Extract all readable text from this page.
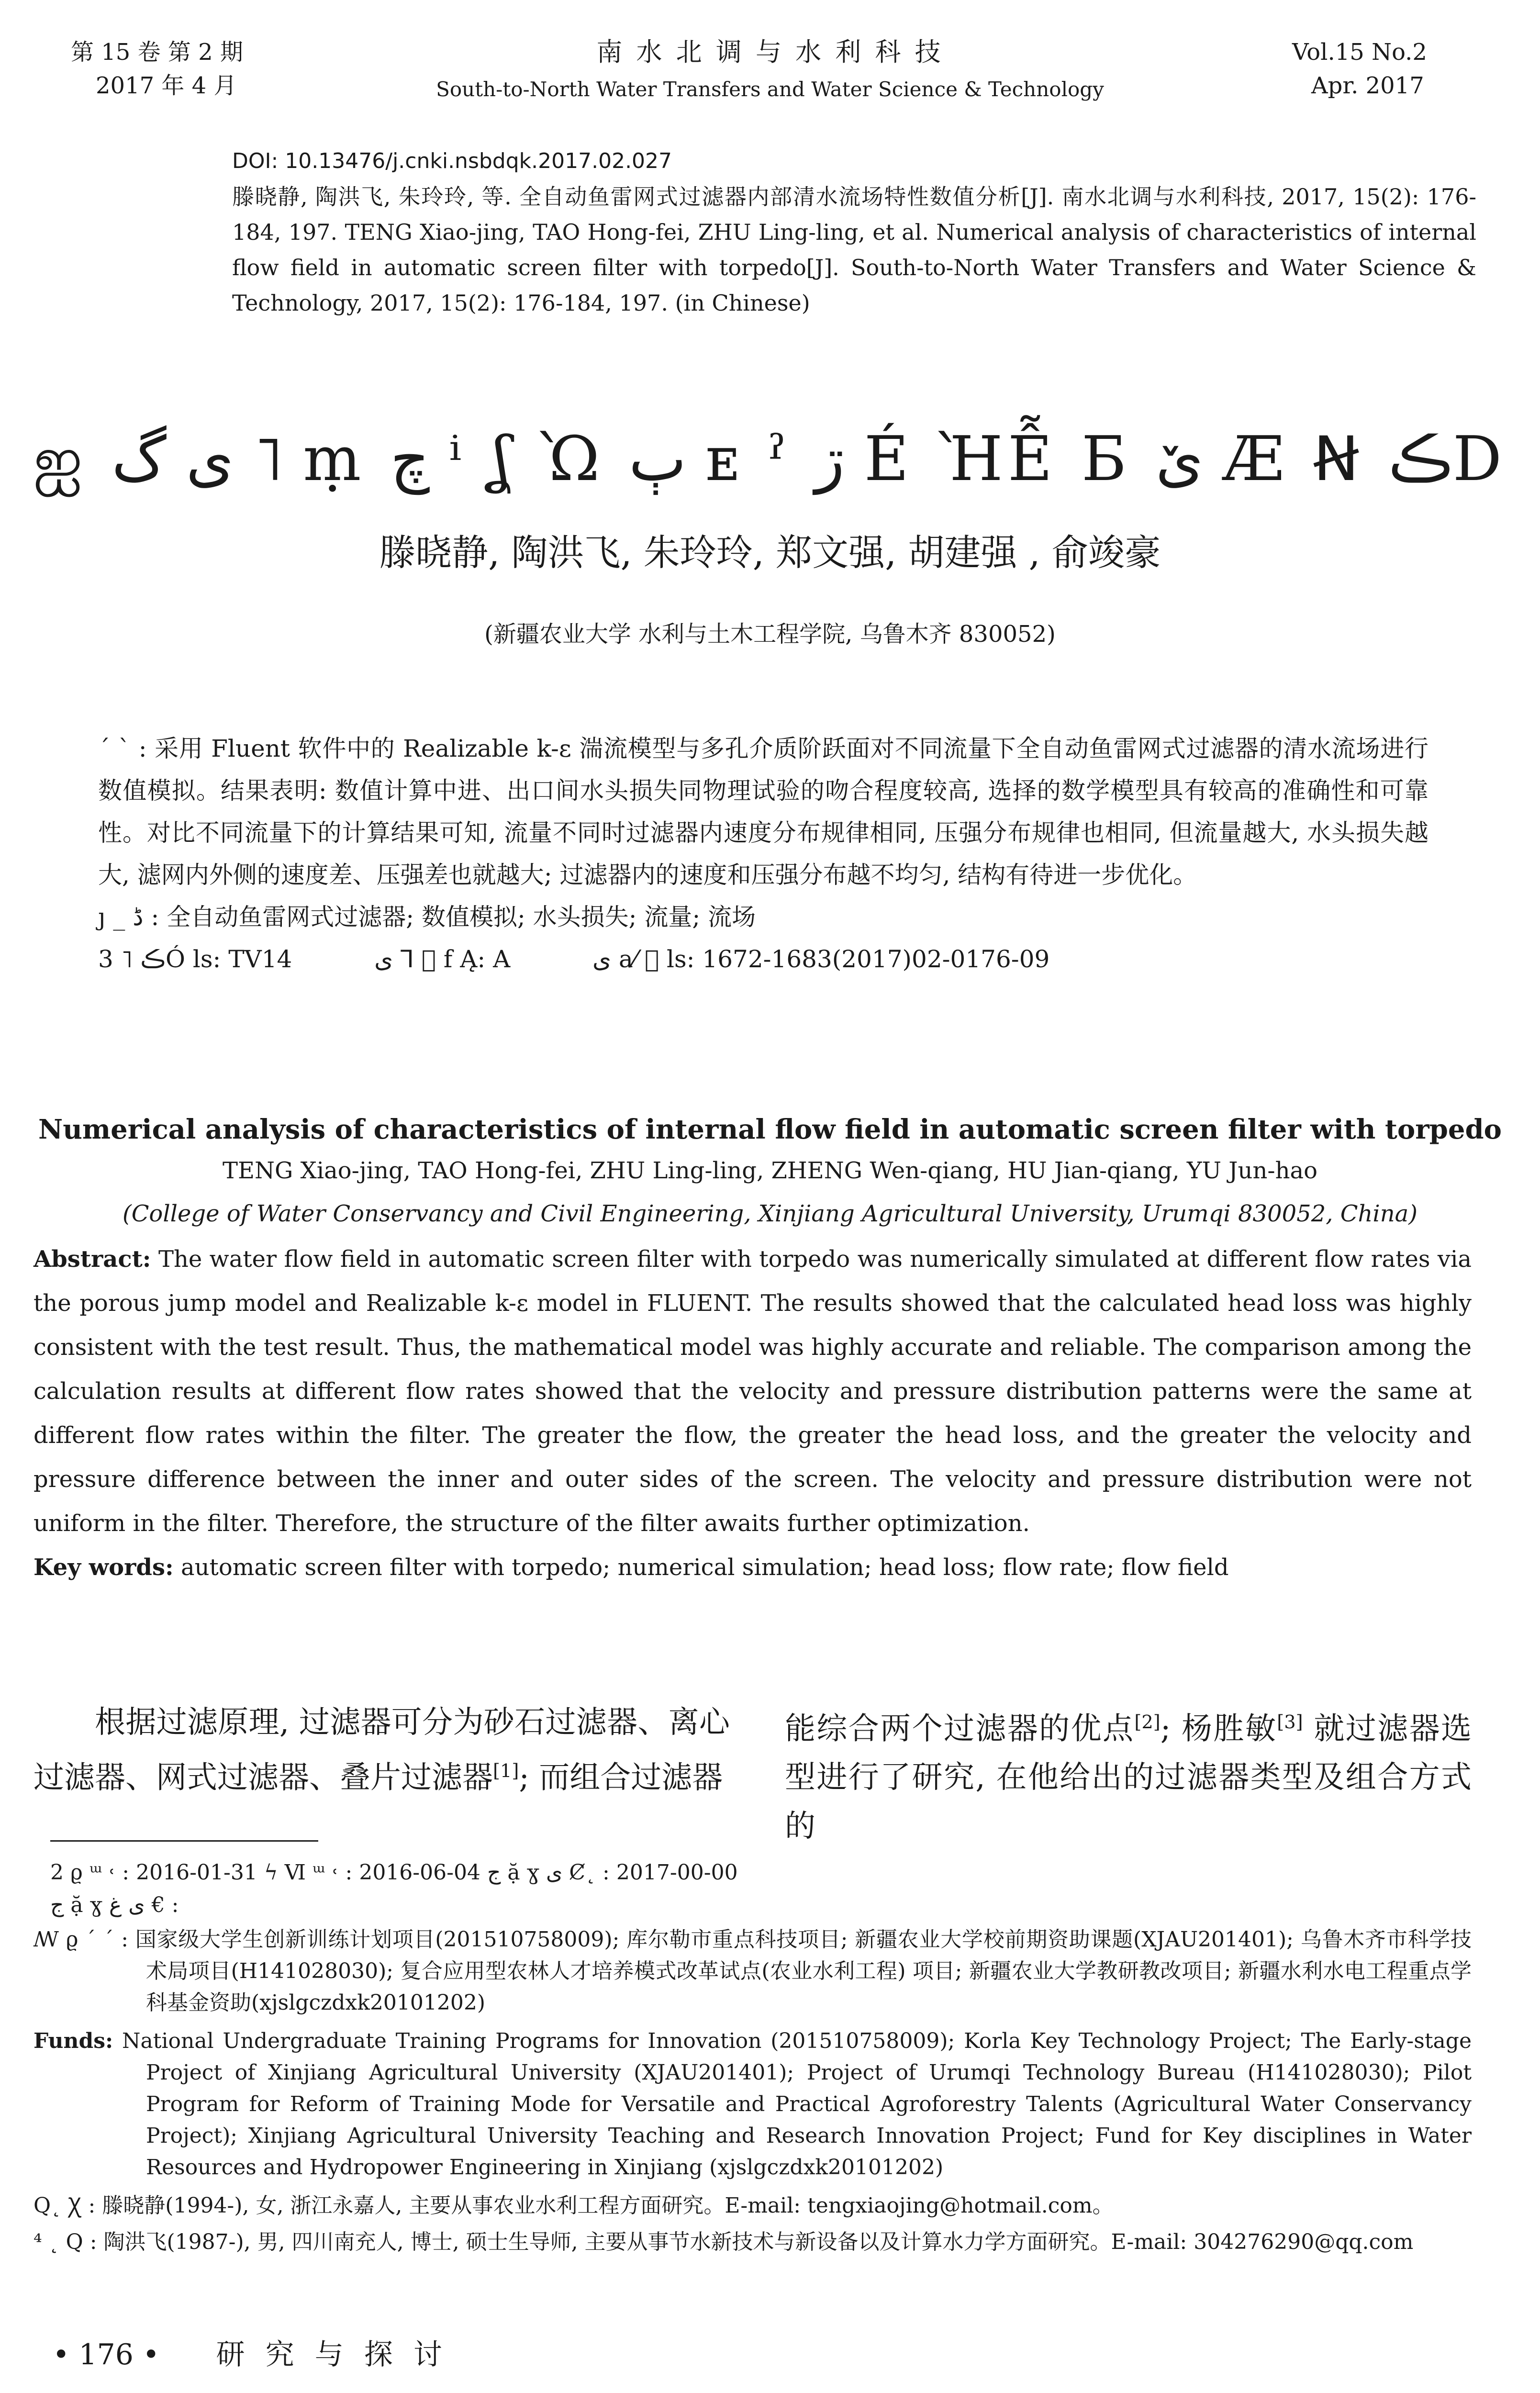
第 15 卷 第 2 期
2017 年 4 月
南 水 北 调 与 水 利 科 技
South-to-North Water Transfers and Water Science & Technology
Vol.15 No.2
Apr. 2017

DOI: 10.13476/j.cnki.nsbdqk.2017.02.027

滕晓静, 陶洪飞, 朱玲玲, 等. 全自动鱼雷网式过滤器内部清水流场特性数值分析[J]. 南水北调与水利科技, 2017, 15(2): 176-184, 197. TENG Xiao-jing, TAO Hong-fei, ZHU Ling-ling, et al. Numerical analysis of characteristics of internal flow field in automatic screen filter with torpedo[J]. South-to-North Water Transfers and Water Science & Technology, 2017, 15(2): 176-184, 197. (in Chinese)

ஐ ى گ ˥ ṃ چ ⁱ ʆ Ὼ ٻ ᴇ ˀ ڗ É ῊỄ Б ێ Æ Ꞥ ڪD
滕晓静, 陶洪飞, 朱玲玲, 郑文强, 胡建强 , 俞竣豪
(新疆农业大学 水利与土木工程学院, 乌鲁木齐 830052)

ˊ ˋ : 采用 Fluent 软件中的 Realizable k-ε 湍流模型与多孔介质阶跃面对不同流量下全自动鱼雷网式过滤器的清水流场进行数值模拟。结果表明: 数值计算中进、出口间水头损失同物理试验的吻合程度较高, 选择的数学模型具有较高的准确性和可靠性。对比不同流量下的计算结果可知, 流量不同时过滤器内速度分布规律相同, 压强分布规律也相同, 但流量越大, 水头损失越大, 滤网内外侧的速度差、压强差也就越大; 过滤器内的速度和压强分布越不均匀, 结构有待进一步优化。

ȷ _ ڈ : 全自动鱼雷网式过滤器; 数值模拟; 水头损失; 流量; 流场

3 ˥ ڪÓ ls: TV14	ى ꓶ ⃞ f Ą: A	ى a⁄ ⃞ ls: 1672-1683(2017)02-0176-09

Numerical analysis of characteristics of internal flow field in automatic screen filter with torpedo
TENG Xiao-jing, TAO Hong-fei, ZHU Ling-ling, ZHENG Wen-qiang, HU Jian-qiang, YU Jun-hao
(College of Water Conservancy and Civil Engineering, Xinjiang Agricultural University, Urumqi 830052, China)

Abstract: The water flow field in automatic screen filter with torpedo was numerically simulated at different flow rates via the porous jump model and Realizable k-ε model in FLUENT. The results showed that the calculated head loss was highly consistent with the test result. Thus, the mathematical model was highly accurate and reliable. The comparison among the calculation results at different flow rates showed that the velocity and pressure distribution patterns were the same at different flow rates within the filter. The greater the flow, the greater the head loss, and the greater the velocity and pressure difference between the inner and outer sides of the screen. The velocity and pressure distribution were not uniform in the filter. Therefore, the structure of the filter awaits further optimization.

Key words: automatic screen filter with torpedo; numerical simulation; head loss; flow rate; flow field

根据过滤原理, 过滤器可分为砂石过滤器、离心过滤器、网式过滤器、叠片过滤器[1]; 而组合过滤器

能综合两个过滤器的优点[2]; 杨胜敏[3] 就过滤器选型进行了研究, 在他给出的过滤器类型及组合方式的

2 ϱ ᵚ ˓ : 2016-01-31 ϟ Ⅵ ᵚ ˓ : 2016-06-04 ج ặ ɣ ى Ȼ˛ : 2017-00-00

ج ặ ɣ ى غ € :

ꟿ ϱ ˊ ˊ : 国家级大学生创新训练计划项目(201510758009); 库尔勒市重点科技项目; 新疆农业大学校前期资助课题(XJAU201401); 乌鲁木齐市科学技术局项目(H141028030); 复合应用型农林人才培养模式改革试点(农业水利工程) 项目; 新疆农业大学教研教改项目; 新疆水利水电工程重点学科基金资助(xjslgczdxk20101202)

Funds: National Undergraduate Training Programs for Innovation (201510758009); Korla Key Technology Project; The Early-stage Project of Xinjiang Agricultural University (XJAU201401); Project of Urumqi Technology Bureau (H141028030); Pilot Program for Reform of Training Mode for Versatile and Practical Agroforestry Talents (Agricultural Water Conservancy Project); Xinjiang Agricultural University Teaching and Research Innovation Project; Fund for Key disciplines in Water Resources and Hydropower Engineering in Xinjiang (xjslgczdxk20101202)

Q˛ Ꭓ : 滕晓静(1994-), 女, 浙江永嘉人, 主要从事农业水利工程方面研究。E-mail: tengxiaojing@hotmail.com。

⁴ ˛ Q : 陶洪飞(1987-), 男, 四川南充人, 博士, 硕士生导师, 主要从事节水新技术与新设备以及计算水力学方面研究。E-mail: 304276290@qq.com

• 176 • 研 究 与 探 讨
